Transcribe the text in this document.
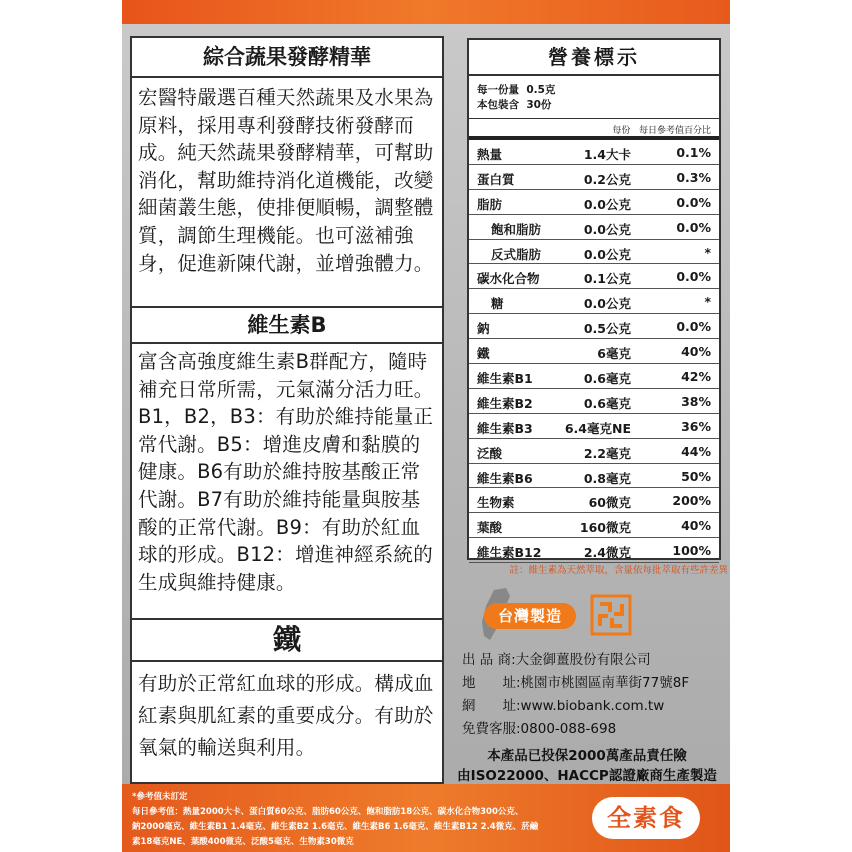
綜合蔬果發酵精華
宏醫特嚴選百種天然蔬果及水果為原料，採用專利發酵技術發酵而成。純天然蔬果發酵精華，可幫助消化，幫助維持消化道機能，改變細菌叢生態，使排便順暢，調整體質，調節生理機能。也可滋補強身，促進新陳代謝，並增強體力。
維生素B
富含高強度維生素B群配方，隨時補充日常所需，元氣滿分活力旺。B1，B2，B3：有助於維持能量正常代謝。B5：增進皮膚和黏膜的健康。B6有助於維持胺基酸正常代謝。B7有助於維持能量與胺基酸的正常代謝。B9：有助於紅血球的形成。B12：增進神經系統的生成與維持健康。
鐵
有助於正常紅血球的形成。構成血紅素與肌紅素的重要成分。有助於氧氣的輸送與利用。
營養標示
每一份量 0.5克
本包裝含 30份
每份 每日參考值百分比
熱量	1.4大卡	0.1%
蛋白質	0.2公克	0.3%
脂肪	0.0公克	0.0%
飽和脂肪	0.0公克	0.0%
反式脂肪	0.0公克	*
碳水化合物	0.1公克	0.0%
糖	0.0公克	*
鈉	0.5公克	0.0%
鐵	6毫克	40%
維生素B1	0.6毫克	42%
維生素B2	0.6毫克	38%
維生素B3	6.4毫克NE	36%
泛酸	2.2毫克	44%
維生素B6	0.8毫克	50%
生物素	60微克	200%
葉酸	160微克	40%
維生素B12	2.4微克	100%
註：維生素為天然萃取，含量依每批萃取有些許差異
台灣製造
出 品 商:大金御薑股份有限公司
地　　址:桃園市桃園區南華街77號8F
網　　址:www.biobank.com.tw
免費客服:0800-088-698
本產品已投保2000萬產品責任險
由ISO22000、HACCP認證廠商生產製造
*參考值未訂定
每日參考值：熱量2000大卡、蛋白質60公克、脂肪60公克、飽和脂肪18公克、碳水化合物300公克、
鈉2000毫克、維生素B1 1.4毫克、維生素B2 1.6毫克、維生素B6 1.6毫克、維生素B12 2.4微克、菸鹼
素18毫克NE、葉酸400微克、泛酸5毫克、生物素30微克
全素食
